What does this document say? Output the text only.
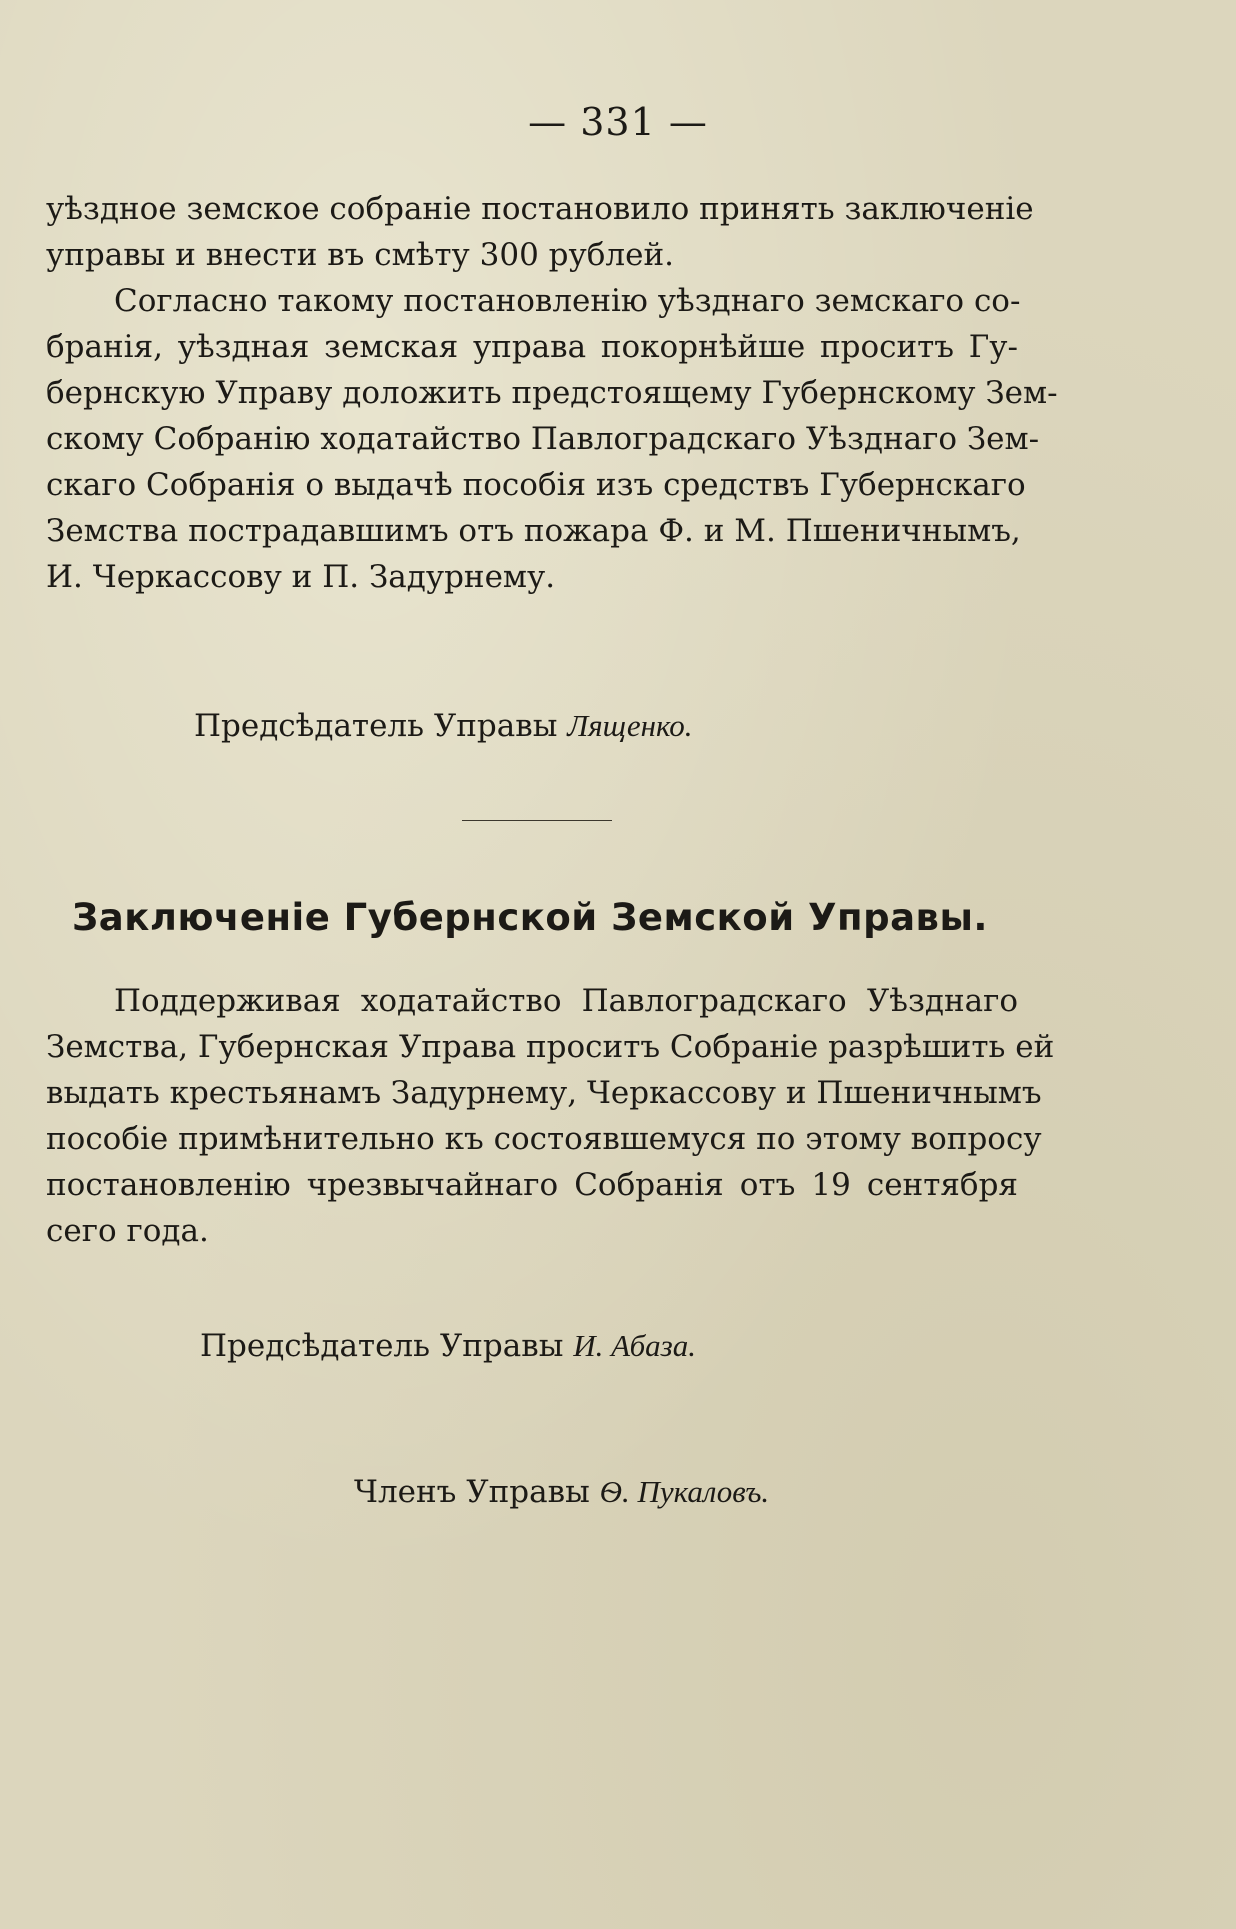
— 331 —
уѣздное земское собраніе постановило принять заключеніе
управы и внести въ смѣту 300 рублей.
Согласно такому постановленію уѣзднаго земскаго со-
бранія, уѣздная земская управа покорнѣйше проситъ Гу-
бернскую Управу доложить предстоящему Губернскому Зем-
скому Собранію ходатайство Павлоградскаго Уѣзднаго Зем-
скаго Собранія о выдачѣ пособія изъ средствъ Губернскаго
Земства пострадавшимъ отъ пожара Ф. и М. Пшеничнымъ,
И. Черкассову и П. Задурнему.
Предсѣдатель Управы Лященко.
Заключеніе Губернской Земской Управы.
Поддерживая ходатайство Павлоградскаго Уѣзднаго
Земства, Губернская Управа проситъ Собраніе разрѣшить ей
выдать крестьянамъ Задурнему, Черкассову и Пшеничнымъ
пособіе примѣнительно къ состоявшемуся по этому вопросу
постановленію чрезвычайнаго Собранія отъ 19 сентября
сего года.
Предсѣдатель Управы И. Абаза.
Членъ Управы Ѳ. Пукаловъ.
